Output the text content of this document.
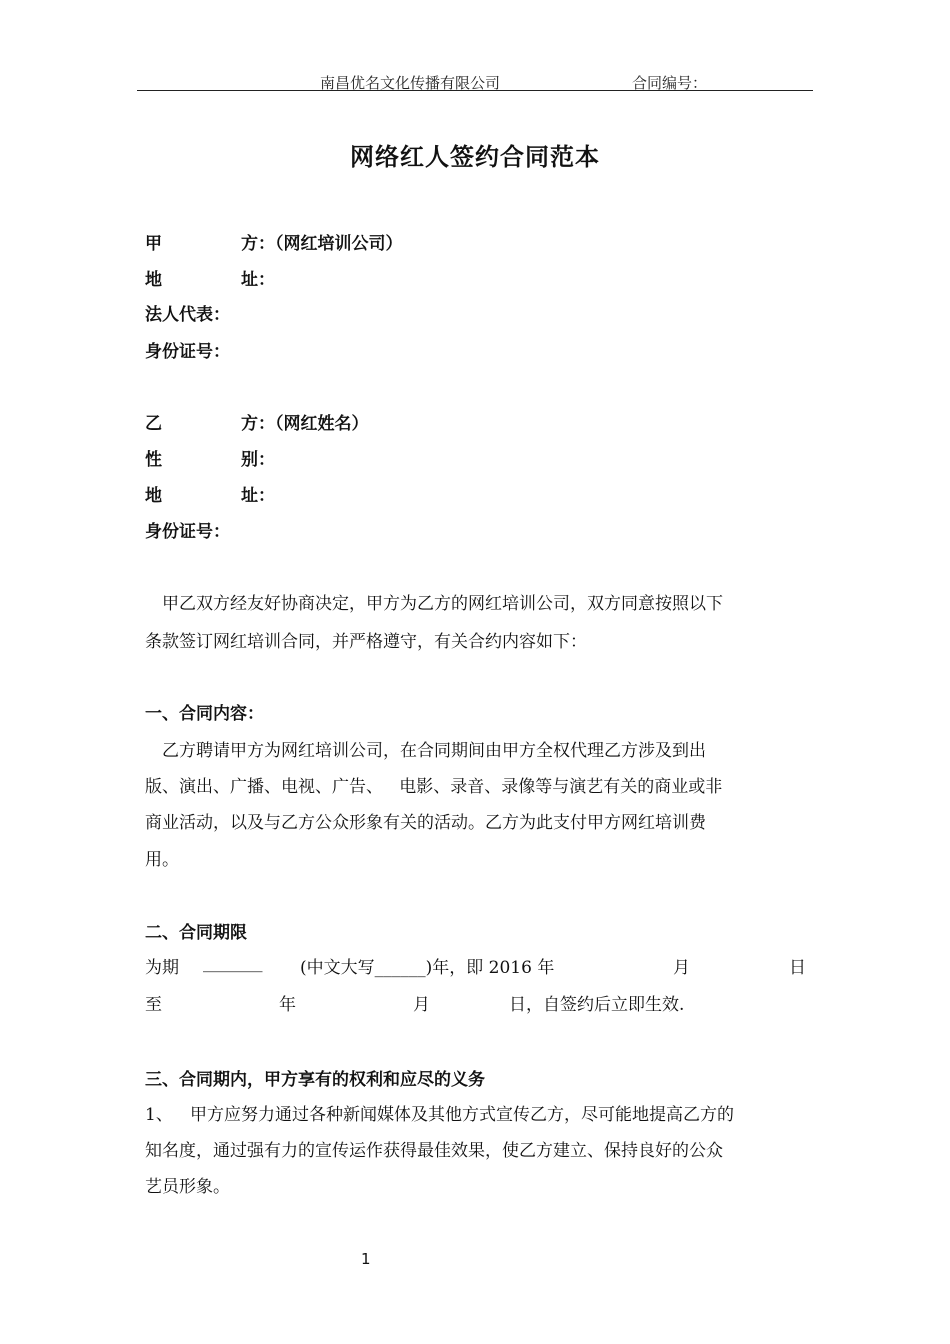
南昌优名文化传播有限公司	合同编号：
网络红人签约合同范本
甲	方：（网红培训公司）
地	址：
法人代表：
身份证号：
乙	方：（网红姓名）
性	别：
地	址：
身份证号：
甲乙双方经友好协商决定，甲方为乙方的网红培训公司，双方同意按照以下
条款签订网红培训合同，并严格遵守，有关合约内容如下：
一、合同内容：
乙方聘请甲方为网红培训公司，在合同期间由甲方全权代理乙方涉及到出
版、演出、广播、电视、广告、   电影、录音、录像等与演艺有关的商业或非
商业活动，以及与乙方公众形象有关的活动。乙方为此支付甲方网红培训费
用。
二、合同期限
为期 _______ (中文大写______)年，即 2016 年	月	日
至	年	月	日，自签约后立即生效.
三、合同期内，甲方享有的权利和应尽的义务
1、 甲方应努力通过各种新闻媒体及其他方式宣传乙方，尽可能地提高乙方的
知名度，通过强有力的宣传运作获得最佳效果，使乙方建立、保持良好的公众
艺员形象。
1
